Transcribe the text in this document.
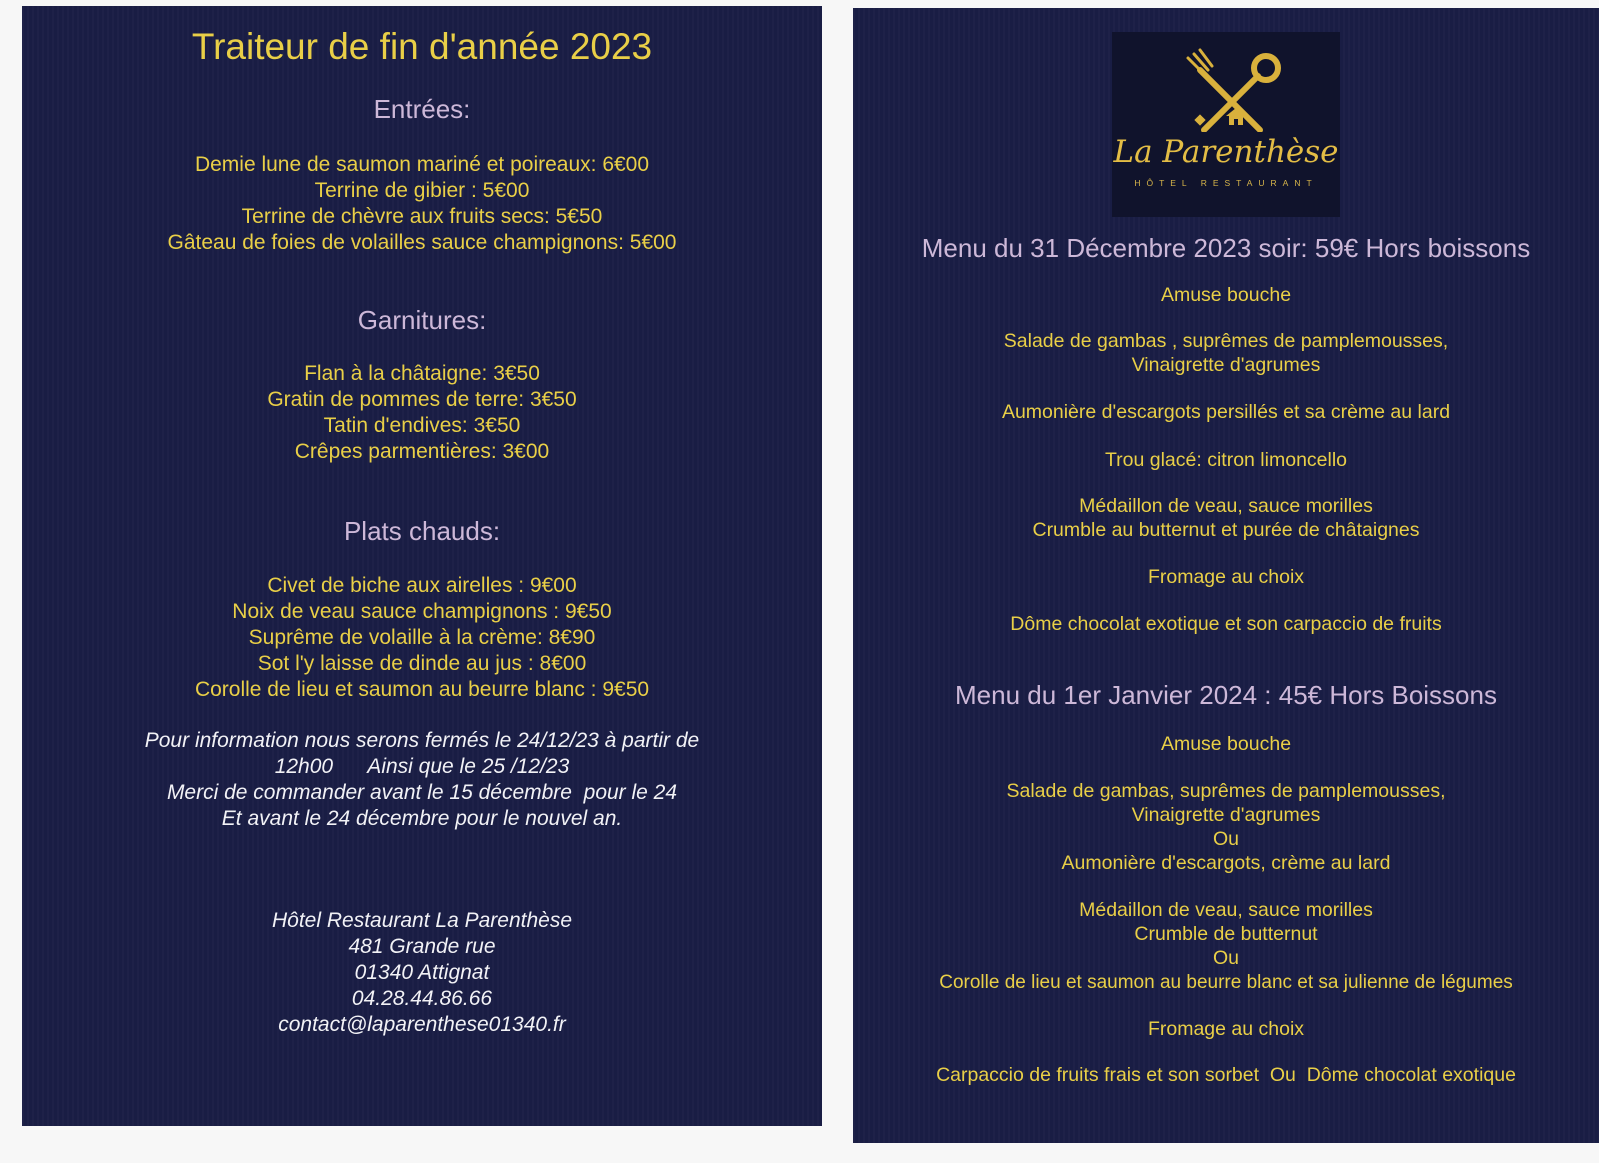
Traiteur de fin d'année 2023
Entrées:
Demie lune de saumon mariné et poireaux: 6€00
Terrine de gibier : 5€00
Terrine de chèvre aux fruits secs: 5€50
Gâteau de foies de volailles sauce champignons: 5€00
Garnitures:
Flan à la châtaigne: 3€50
Gratin de pommes de terre: 3€50
Tatin d'endives: 3€50
Crêpes parmentières: 3€00
Plats chauds:
Civet de biche aux airelles : 9€00
Noix de veau sauce champignons : 9€50
Suprême de volaille à la crème: 8€90
Sot l'y laisse de dinde au jus : 8€00
Corolle de lieu et saumon au beurre blanc : 9€50
Pour information nous serons fermés le 24/12/23 à partir de
12h00      Ainsi que le 25 /12/23
Merci de commander avant le 15 décembre  pour le 24
Et avant le 24 décembre pour le nouvel an.
Hôtel Restaurant La Parenthèse
481 Grande rue
01340 Attignat
04.28.44.86.66
contact@laparenthese01340.fr
La Parenthèse
HÔTEL RESTAURANT
Menu du 31 Décembre 2023 soir: 59€ Hors boissons
Amuse bouche
Salade de gambas , suprêmes de pamplemousses,
Vinaigrette d'agrumes
Aumonière d'escargots persillés et sa crème au lard
Trou glacé: citron limoncello
Médaillon de veau, sauce morilles
Crumble au butternut et purée de châtaignes
Fromage au choix
Dôme chocolat exotique et son carpaccio de fruits
Menu du 1er Janvier 2024 : 45€ Hors Boissons
Amuse bouche
Salade de gambas, suprêmes de pamplemousses,
Vinaigrette d'agrumes
Ou
Aumonière d'escargots, crème au lard
Médaillon de veau, sauce morilles
Crumble de butternut
Ou
Corolle de lieu et saumon au beurre blanc et sa julienne de légumes
Fromage au choix
Carpaccio de fruits frais et son sorbet  Ou  Dôme chocolat exotique
